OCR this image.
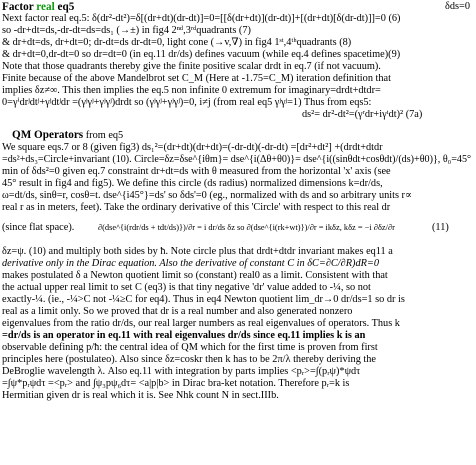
Factor real eq5	δds=0
Next factor real eq.5: δ(dr²-dt²)=δ[(dr+dt)(dr-dt)]=0=[[δ(dr+dt)](dr-dt)]+[(dr+dt)[δ(dr-dt)]]=0 (6)
so -dr+dt=ds,-dr-dt=ds=ds₁ (→±) in fig4 2ⁿᵈ,3ʳᵈquadrants (7)
& dr+dt=ds, dr+dt=0; dr-dt=ds dr-dt=0, light cone (→v,∇) in fig4 1ˢᵗ,4ᵗʰquadrants (8)
& dr+dt=0,dr-dt=0 so dr=dt=0 (in eq.11 dr/ds) defines vacuum (while eq.4 defines spacetime)(9)
Note that those quadrants thereby give the finite positive scalar drdt in eq.7 (if not vacuum).
Finite because of the above Mandelbrot set C_M (Here at -1.75=C_M) iteration definition that
implies δz≠∞. This then implies the eq.5 non infinite 0 extremum for imaginary=drdt+dtdr=
0=γⁱdrʲdtʲ+γʲdtʲdr =(γʲγʲ+γʲγʲ)drdt so (γʲγʲ+γʲγʲ)=0, i≠j (from real eq5 γʲγʲ=1) Thus from eqs5:
ds²= dr²-dt²=(γʳdr+iγᵗdt)² (7a)
QM Operators from eq5
We square eqs.7 or 8 (given fig3) ds₁²=(dr+dt)(dr+dt)=(-dr-dt)(-dr-dt) =[dr²+dt²] +(drdt+dtdr
=ds²+ds₃=Circle+invariant (10). Circle=δz=δse^{iθm}= dse^{i(Δθ+θ0)}= dse^{i((sinθdt+cosθdt)/(ds)+θ0)}, θ₀=45°
min of δds²=0 given eq.7 constraint dr+dt=ds with θ measured from the horizontal 'x' axis (see
45° result in fig4 and fig5). We define this circle (ds radius) normalized dimensions k=dr/ds,
ω=dt/ds, sinθ=r, cosθ=t. dse^{i45°}=ds' so δds'=0 (eg., normalized with ds and so arbitrary units r∝
real r as in meters, feet). Take the ordinary derivative of this 'Circle' with respect to this real dr
(since flat space).	∂(dse^{i(rdr/ds + tdt/ds)})/∂r = i dr/ds δz so ∂(dse^{i(rk+wt)})/∂r = ikδz, kδz = −i ∂δz/∂r	(11)
δz=ψ. (10) and multiply both sides by ħ. Note circle plus that drdt+dtdr invariant makes eq11 a
derivative only in the Dirac equation. Also the derivative of constant C in δC=∂C/∂R)dR=0
makes postulated δ a Newton quotient limit so (constant) real0 as a limit. Consistent with that
the actual upper real limit to set C (eq3) is that tiny negative 'dr' value added to -¼, so not
exactly-¼. (ie., -¼>C not -¼≥C for eq4). Thus in eq4 Newton quotient lim_dr→0 dr/ds=1 so dr is
real as a limit only. So we proved that dr is a real number and also generated nonzero
eigenvalues from the ratio dr/ds, our real larger numbers as real eigenvalues of operators. Thus k
=dr/ds is an operator in eq.11 with real eigenvalues dr/ds since eq.11 implies k is an
observable defining p/ħ: the central idea of QM which for the first time is proven from first
principles here (postulateo). Also since δz=coskr then k has to be 2π/λ thereby deriving the
DeBroglie wavelength λ. Also eq.11 with integration by parts implies <pᵣ>=∫(pᵣψ)*ψdτ
=∫ψ*pᵣψdτ =<pᵣ> and ∫ψ₃pψ₆dτ= <a|p|b> in Dirac bra-ket notation. Therefore pᵣ=k is
Hermitian given dr is real which it is. See Nhk count N in sect.IIIb.
